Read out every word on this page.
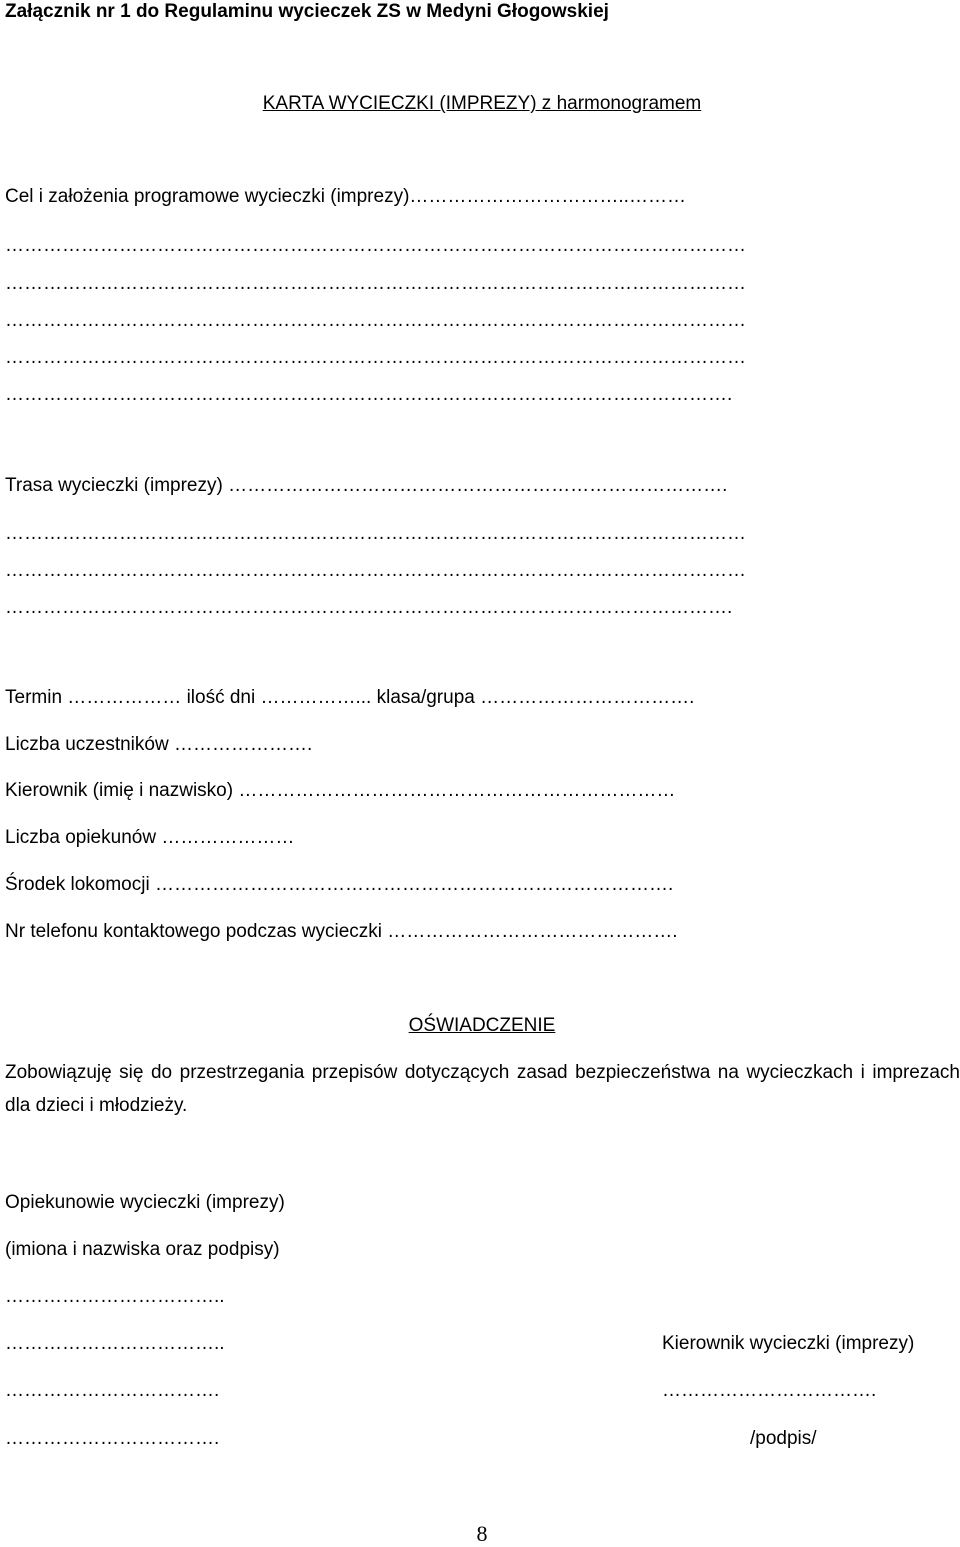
Załącznik nr 1 do Regulaminu wycieczek ZS w Medyni Głogowskiej
KARTA WYCIECZKI (IMPREZY) z harmonogramem
Cel i założenia programowe wycieczki (imprezy)……………………………..………
………………………………………………………………………………………………………
………………………………………………………………………………………………………
………………………………………………………………………………………………………
………………………………………………………………………………………………………
…………………………………………………………………………………………………….
Trasa wycieczki (imprezy) …………………………………………………………………….
………………………………………………………………………………………………………
………………………………………………………………………………………………………
…………………………………………………………………………………………………….
Termin ……………… ilość dni ……………... klasa/grupa …………………………….
Liczba uczestników ………………….
Kierownik (imię i nazwisko) ……………………………………………………………
Liczba opiekunów …………………
Środek lokomocji ……………………………………………………………………….
Nr telefonu kontaktowego podczas wycieczki ……………………………………….
OŚWIADCZENIE
Zobowiązuję się do przestrzegania przepisów dotyczących zasad bezpieczeństwa na wycieczkach i imprezach dla dzieci i młodzieży.
Opiekunowie wycieczki (imprezy)
(imiona i nazwiska oraz podpisy)
……………………………..
……………………………..
…………………………….
…………………………….
Kierownik wycieczki (imprezy)
…………………………….
/podpis/
8
